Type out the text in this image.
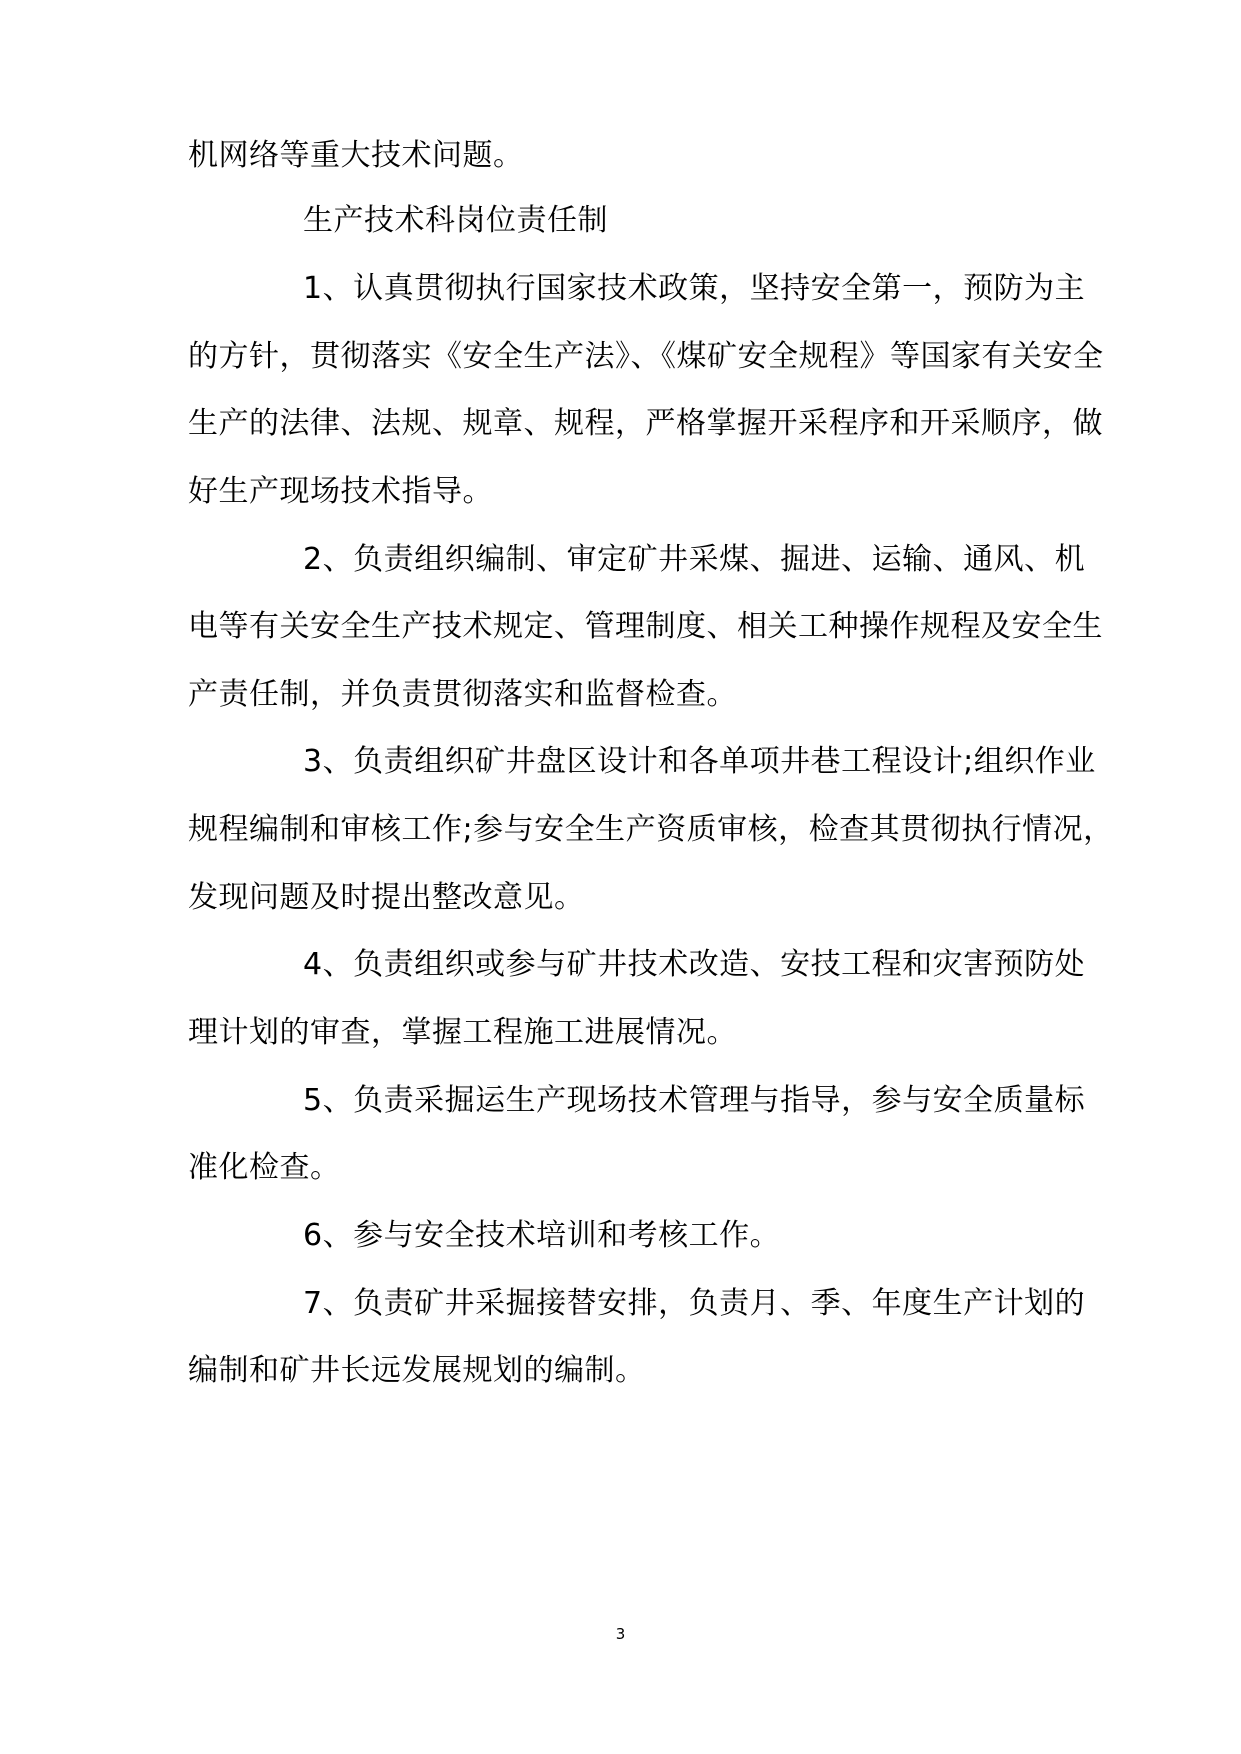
机网络等重大技术问题。
生产技术科岗位责任制
1、认真贯彻执行国家技术政策，坚持安全第一，预防为主
的方针，贯彻落实《安全生产法》、《煤矿安全规程》等国家有关安全
生产的法律、法规、规章、规程，严格掌握开采程序和开采顺序，做
好生产现场技术指导。
2、负责组织编制、审定矿井采煤、掘进、运输、通风、机
电等有关安全生产技术规定、管理制度、相关工种操作规程及安全生
产责任制，并负责贯彻落实和监督检查。
3、负责组织矿井盘区设计和各单项井巷工程设计;组织作业
规程编制和审核工作;参与安全生产资质审核，检查其贯彻执行情况，
发现问题及时提出整改意见。
4、负责组织或参与矿井技术改造、安技工程和灾害预防处
理计划的审查，掌握工程施工进展情况。
5、负责采掘运生产现场技术管理与指导，参与安全质量标
准化检查。
6、参与安全技术培训和考核工作。
7、负责矿井采掘接替安排，负责月、季、年度生产计划的
编制和矿井长远发展规划的编制。
3
